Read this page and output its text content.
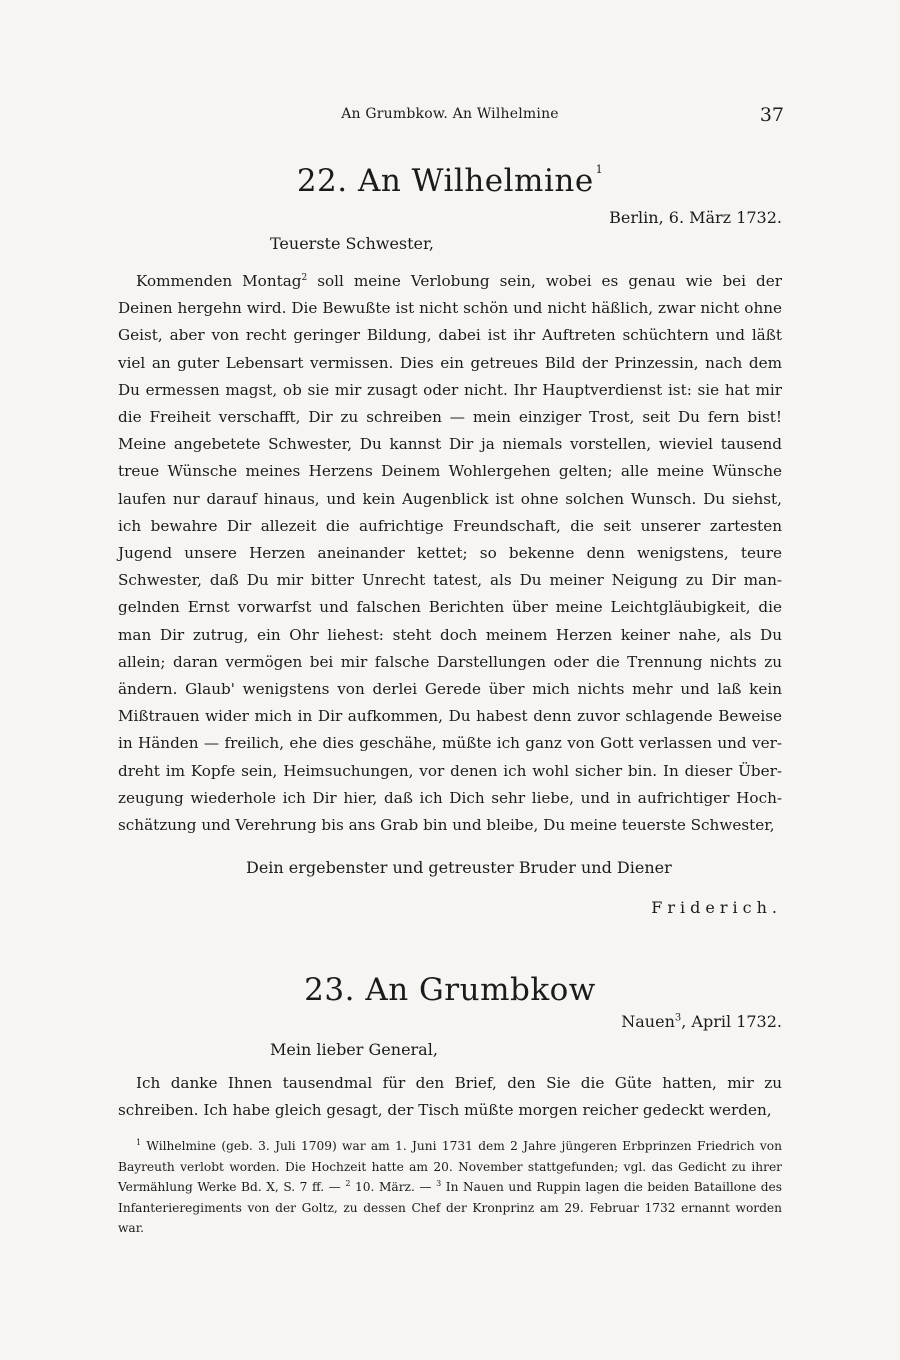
An Grumbkow. An Wilhelmine	37
22. An Wilhelmine $^1$
Berlin, 6. März 1732.
Teuerste Schwester,
Kommenden Montag$^2$ soll meine Verlobung sein, wobei es genau wie bei der Deinen hergehn wird. Die Bewußte ist nicht schön und nicht häßlich, zwar nicht ohne Geist, aber von recht geringer Bildung, dabei ist ihr Auftreten schüchtern und läßt viel an guter Lebensart vermissen. Dies ein getreues Bild der Prinzessin, nach dem Du ermessen magst, ob sie mir zusagt oder nicht. Ihr Hauptverdienst ist: sie hat mir die Freiheit verschafft, Dir zu schreiben — mein einziger Trost, seit Du fern bist! Meine angebetete Schwester, Du kannst Dir ja niemals vorstellen, wieviel tausend treue Wünsche meines Herzens Deinem Wohlergehen gelten; alle meine Wünsche laufen nur darauf hinaus, und kein Augenblick ist ohne solchen Wunsch. Du siehst, ich bewahre Dir allezeit die aufrichtige Freundschaft, die seit unserer zartesten Jugend unsere Herzen aneinander kettet; so bekenne denn wenigstens, teure Schwester, daß Du mir bitter Unrecht tatest, als Du meiner Neigung zu Dir mangelnden Ernst vorwarfst und falschen Berichten über meine Leichtgläubigkeit, die man Dir zutrug, ein Ohr liehest: steht doch meinem Herzen keiner nahe, als Du allein; daran vermögen bei mir falsche Darstellungen oder die Trennung nichts zu ändern. Glaub' wenigstens von derlei Gerede über mich nichts mehr und laß kein Mißtrauen wider mich in Dir aufkommen, Du habest denn zuvor schlagende Beweise in Händen — freilich, ehe dies geschähe, müßte ich ganz von Gott verlassen und verdreht im Kopfe sein, Heimsuchungen, vor denen ich wohl sicher bin. In dieser Überzeugung wiederhole ich Dir hier, daß ich Dich sehr liebe, und in aufrichtiger Hochschätzung und Verehrung bis ans Grab bin und bleibe, Du meine teuerste Schwester,
Dein ergebenster und getreuster Bruder und Diener
Friderich.
23. An Grumbkow
Nauen$^3$, April 1732.
Mein lieber General,
Ich danke Ihnen tausendmal für den Brief, den Sie die Güte hatten, mir zu schreiben. Ich habe gleich gesagt, der Tisch müßte morgen reicher gedeckt werden,
$^1$ Wilhelmine (geb. 3. Juli 1709) war am 1. Juni 1731 dem 2 Jahre jüngeren Erbprinzen Friedrich von Bayreuth verlobt worden. Die Hochzeit hatte am 20. November stattgefunden; vgl. das Gedicht zu ihrer Vermählung Werke Bd. X, S. 7 ff. — $^2$ 10. März. — $^3$ In Nauen und Ruppin lagen die beiden Bataillone des Infanterieregiments von der Goltz, zu dessen Chef der Kronprinz am 29. Februar 1732 ernannt worden war.
